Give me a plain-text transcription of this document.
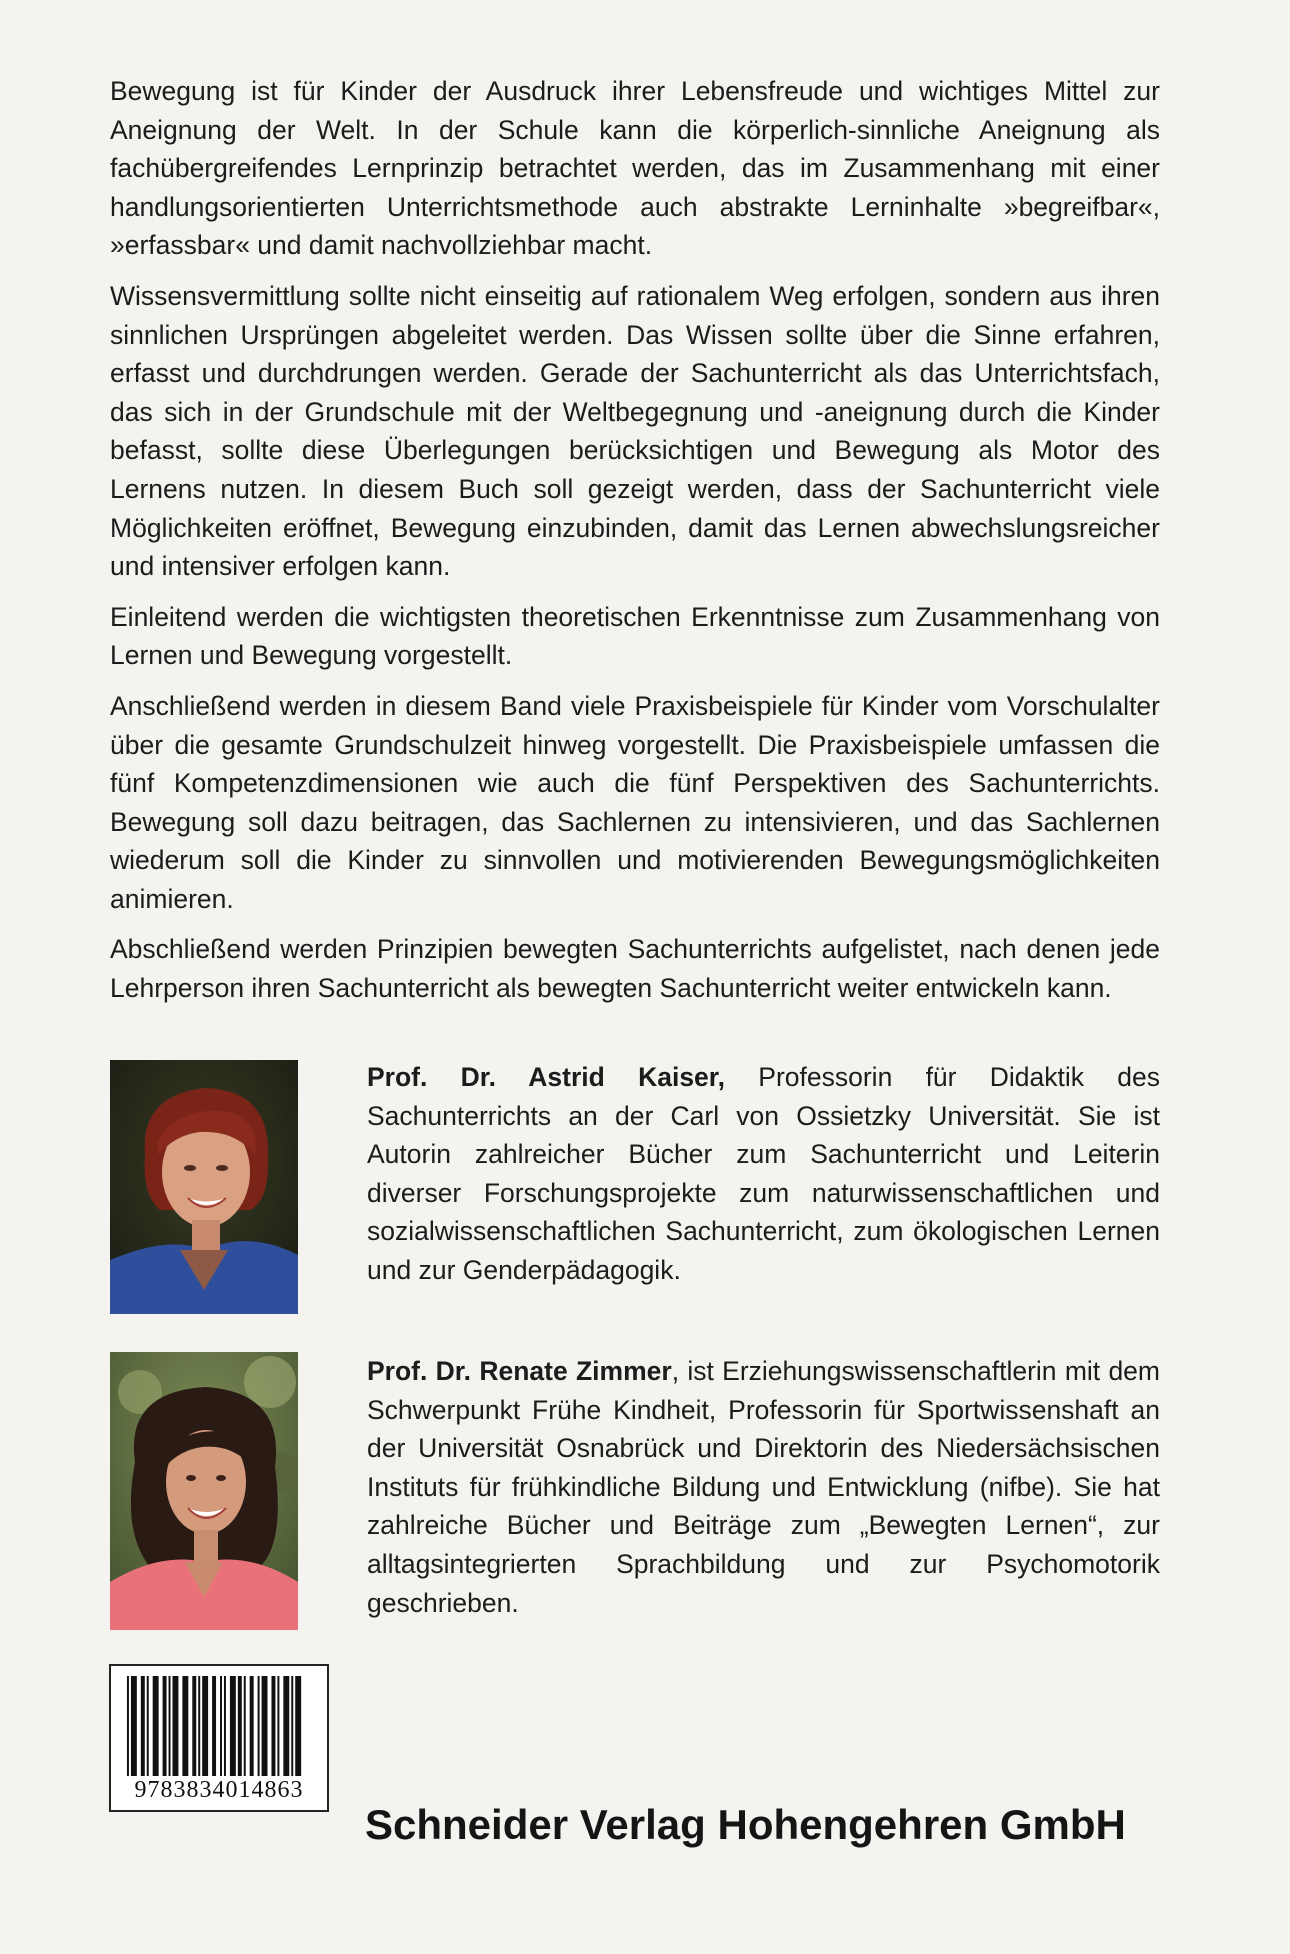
Bewegung ist für Kinder der Ausdruck ihrer Lebensfreude und wichtiges Mittel zur Aneignung der Welt. In der Schule kann die körperlich-sinnliche Aneignung als fachübergreifendes Lernprinzip betrachtet werden, das im Zusammenhang mit einer handlungsorientierten Unterrichtsmethode auch abstrakte Lerninhalte »begreifbar«, »erfassbar« und damit nachvollziehbar macht.

Wissensvermittlung sollte nicht einseitig auf rationalem Weg erfolgen, sondern aus ihren sinnlichen Ursprüngen abgeleitet werden. Das Wissen sollte über die Sinne erfahren, erfasst und durchdrungen werden. Gerade der Sachunterricht als das Unterrichtsfach, das sich in der Grundschule mit der Weltbegegnung und -aneignung durch die Kinder befasst, sollte diese Überlegungen berücksichtigen und Bewegung als Motor des Lernens nutzen. In diesem Buch soll gezeigt werden, dass der Sachunterricht viele Möglichkeiten eröffnet, Bewegung einzubinden, damit das Lernen abwechslungsreicher und intensiver erfolgen kann.

Einleitend werden die wichtigsten theoretischen Erkenntnisse zum Zusammenhang von Lernen und Bewegung vorgestellt.

Anschließend werden in diesem Band viele Praxisbeispiele für Kinder vom Vorschulalter über die gesamte Grundschulzeit hinweg vorgestellt. Die Praxisbeispiele umfassen die fünf Kompetenzdimensionen wie auch die fünf Perspektiven des Sachunterrichts. Bewegung soll dazu beitragen, das Sachlernen zu intensivieren, und das Sachlernen wiederum soll die Kinder zu sinnvollen und motivierenden Bewegungsmöglichkeiten animieren.

Abschließend werden Prinzipien bewegten Sachunterrichts aufgelistet, nach denen jede Lehrperson ihren Sachunterricht als bewegten Sachunterricht weiter entwickeln kann.

Prof. Dr. Astrid Kaiser, Professorin für Didaktik des Sachunterrichts an der Carl von Ossietzky Universität. Sie ist Autorin zahlreicher Bücher zum Sachunterricht und Leiterin diverser Forschungsprojekte zum naturwissenschaftlichen und sozialwissenschaftlichen Sachunterricht, zum ökologischen Lernen und zur Genderpädagogik.

Prof. Dr. Renate Zimmer, ist Erziehungswissenschaftlerin mit dem Schwerpunkt Frühe Kindheit, Professorin für Sportwissenshaft an der Universität Osnabrück und Direktorin des Niedersächsischen Instituts für frühkindliche Bildung und Entwicklung (nifbe). Sie hat zahlreiche Bücher und Beiträge zum „Bewegten Lernen“, zur alltagsintegrierten Sprachbildung und zur Psychomotorik geschrieben.

9783834014863

Schneider Verlag Hohengehren GmbH
